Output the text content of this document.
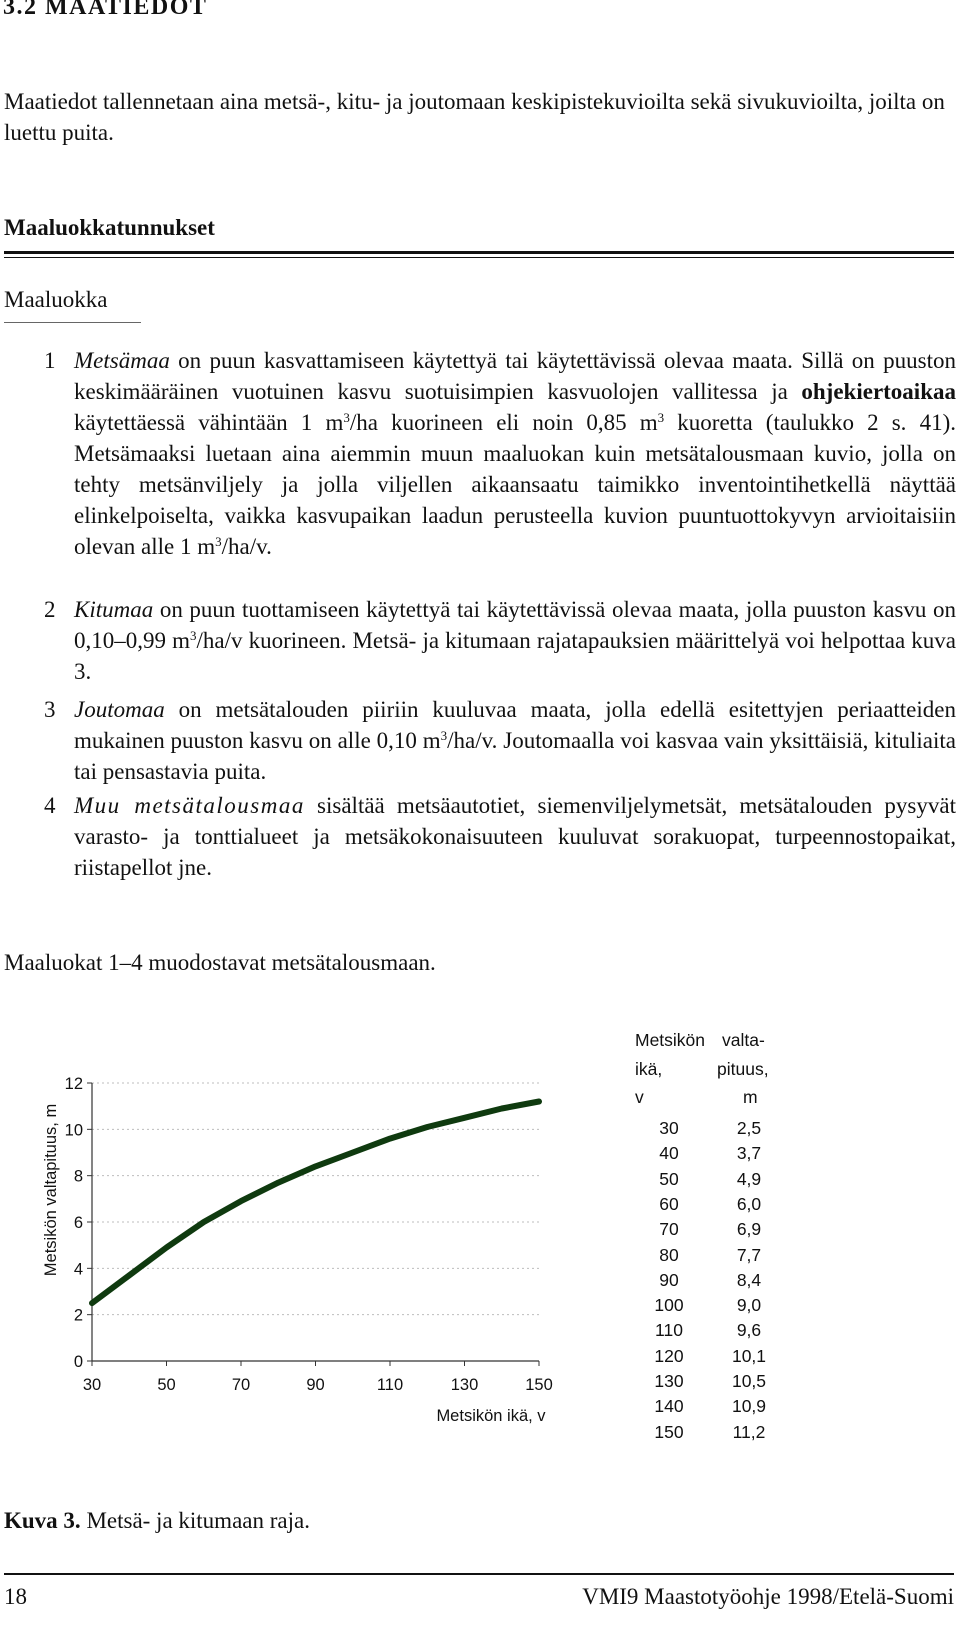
3.2 MAATIEDOT
Maatiedot tallennetaan aina metsä-, kitu- ja joutomaan keskipistekuvioilta sekä sivukuvioilta, joilta on luettu puita.
Maaluokkatunnukset
Maaluokka
1 Metsämaa on puun kasvattamiseen käytettyä tai käytettävissä olevaa maata. Sillä on puuston keskimääräinen vuotuinen kasvu suotuisimpien kasvuolojen vallitessa ja ohjekiertoaikaa käytettäessä vähintään 1 $m^3/ha$ kuorineen eli noin 0,85 $m^3$ kuoretta (taulukko 2 s. 41). Metsämaaksi luetaan aina aiemmin muun maaluokan kuin metsätalousmaan kuvio, jolla on tehty metsänviljely ja jolla viljellen aikaansaatu taimikko inventointihetkellä näyttää elinkelpoiselta, vaikka kasvupaikan laadun perusteella kuvion puuntuottokyvyn arvioitaisiin olevan alle 1 $m^3/ha/v$.
2 Kitumaa on puun tuottamiseen käytettyä tai käytettävissä olevaa maata, jolla puuston kasvu on 0,10–0,99 $m^3/ha/v$ kuorineen. Metsä- ja kitumaan rajatapauksien määrittelyä voi helpottaa kuva 3.
3 Joutomaa on metsätalouden piiriin kuuluvaa maata, jolla edellä esitettyjen periaatteiden mukainen puuston kasvu on alle 0,10 $m^3/ha/v$. Joutomaalla voi kasvaa vain yksittäisiä, kituliaita tai pensastavia puita.
4 Muu metsätalousmaa sisältää metsäautotiet, siemenviljelymetsät, metsätalouden pysyvät varasto- ja tonttialueet ja metsäkokonaisuuteen kuuluvat sorakuopat, turpeennostopaikat, riistapellot jne.
Maaluokat 1–4 muodostavat metsätalousmaan.
0
2
4
6
8
10
12
30	50	70	90	110	130	150
Metsikön valtapituus, m
Metsikön ikä, v
Metsikön
ikä,
v
valta-
pituus,
m
30	2,5
40	3,7
50	4,9
60	6,0
70	6,9
80	7,7
90	8,4
100	9,0
110	9,6
120	10,1
130	10,5
140	10,9
150	11,2
Kuva 3. Metsä- ja kitumaan raja.
18	VMI9 Maastotyöohje 1998/Etelä-Suomi
